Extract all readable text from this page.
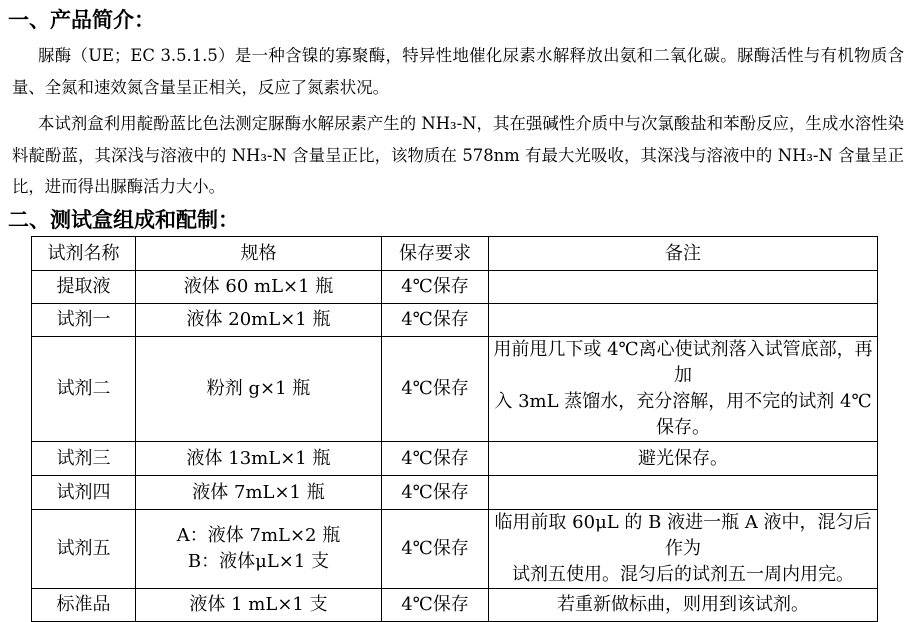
一、产品简介：

脲酶（UE；EC 3.5.1.5）是一种含镍的寡聚酶，特异性地催化尿素水解释放出氨和二氧化碳。脲酶活性与有机物质含量、全氮和速效氮含量呈正相关，反应了氮素状况。

本试剂盒利用靛酚蓝比色法测定脲酶水解尿素产生的 NH₃-N，其在强碱性介质中与次氯酸盐和苯酚反应，生成水溶性染料靛酚蓝，其深浅与溶液中的 NH₃-N 含量呈正比，该物质在 578nm 有最大光吸收，其深浅与溶液中的 NH₃-N 含量呈正比，进而得出脲酶活力大小。

二、测试盒组成和配制：
试剂名称	规格	保存要求	备注
提取液	液体 60 mL×1 瓶	4℃保存	
试剂一	液体 20mL×1 瓶	4℃保存	
试剂二	粉剂 g×1 瓶	4℃保存	用前甩几下或 4℃离心使试剂落入试管底部，再加
入 3mL 蒸馏水，充分溶解，用不完的试剂 4℃保存。

试剂三	液体 13mL×1 瓶	4℃保存	避光保存。

试剂四	液体 7mL×1 瓶	4℃保存	
试剂五	A：液体 7mL×2 瓶
B：液体μL×1 支	4℃保存	临用前取 60μL 的 B 液进一瓶 A 液中，混匀后作为
试剂五使用。混匀后的试剂五一周内用完。

标准品	液体 1 mL×1 支	4℃保存	若重新做标曲，则用到该试剂。
